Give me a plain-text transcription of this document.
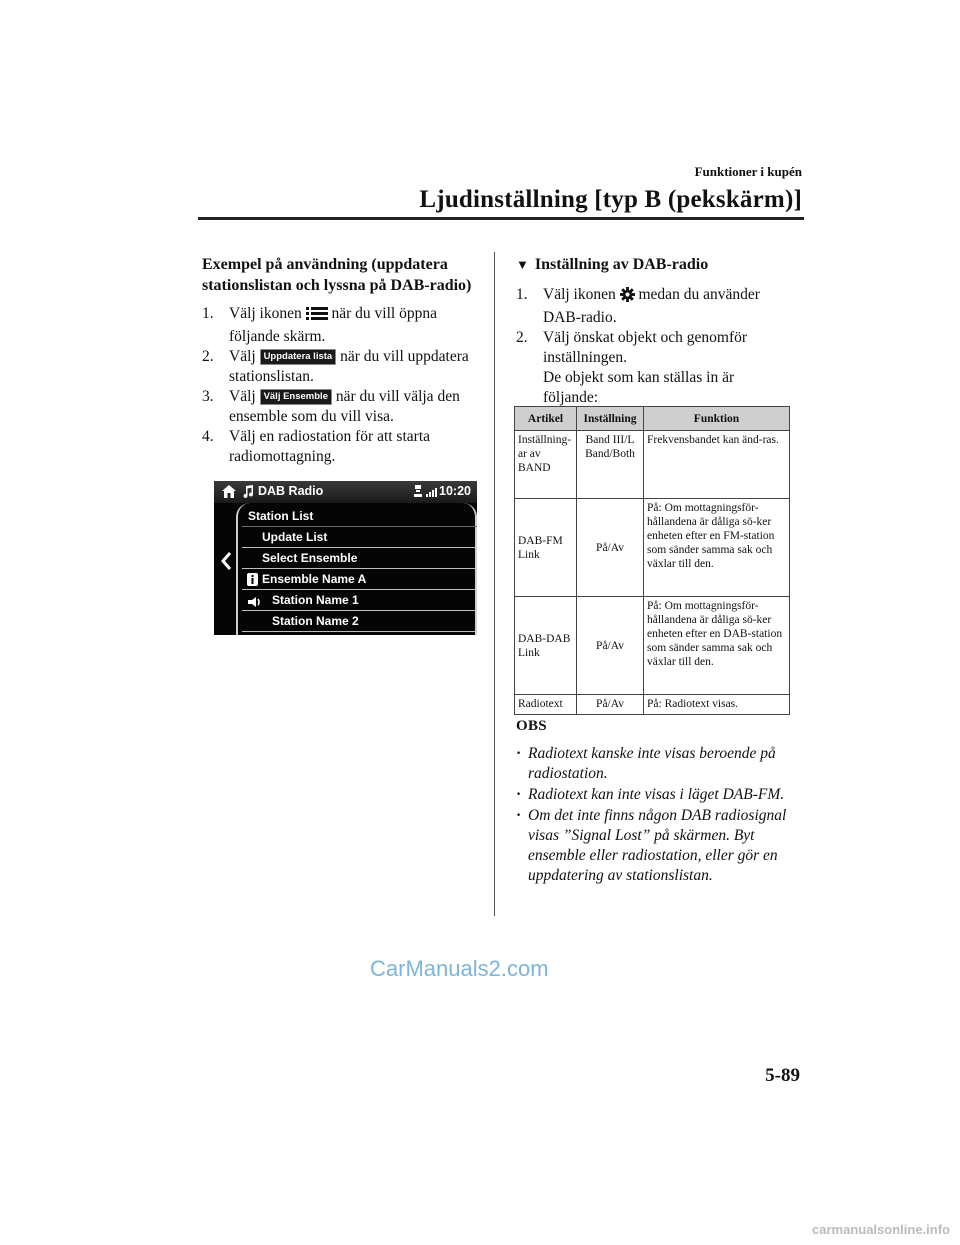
Funktioner i kupén
Ljudinställning [typ B (pekskärm)]
Exempel på användning (uppdatera stationslistan och lyssna på DAB-radio)
1. Välj ikonen  när du vill öppna följande skärm.
2. Välj Uppdatera lista när du vill uppdatera stationslistan.
3. Välj Välj Ensemble när du vill välja den ensemble som du vill visa.
4. Välj en radiostation för att starta radiomottagning.
DAB Radio	10:20
Station List
Update List
Select Ensemble
Ensemble Name A
Station Name 1
Station Name 2
▼ Inställning av DAB-radio
1. Välj ikonen  medan du använder DAB-radio.
2. Välj önskat objekt och genomför inställningen.
De objekt som kan ställas in är följande:
Artikel	Inställning	Funktion
Inställning-ar av BAND	Band III/L Band/Both	Frekvensbandet kan änd-ras.
DAB-FM Link	På/Av	På: Om mottagningsför-hållandena är dåliga sö-ker enheten efter en FM-station som sänder samma sak och växlar till den.
DAB-DAB Link	På/Av	På: Om mottagningsför-hållandena är dåliga sö-ker enheten efter en DAB-station som sänder samma sak och växlar till den.
Radiotext	På/Av	På: Radiotext visas.
OBS
· Radiotext kanske inte visas beroende på radiostation.
· Radiotext kan inte visas i läget DAB-FM.
· Om det inte finns någon DAB radiosignal visas ”Signal Lost” på skärmen. Byt ensemble eller radiostation, eller gör en uppdatering av stationslistan.
CarManuals2.com
5-89
carmanualsonline.info
